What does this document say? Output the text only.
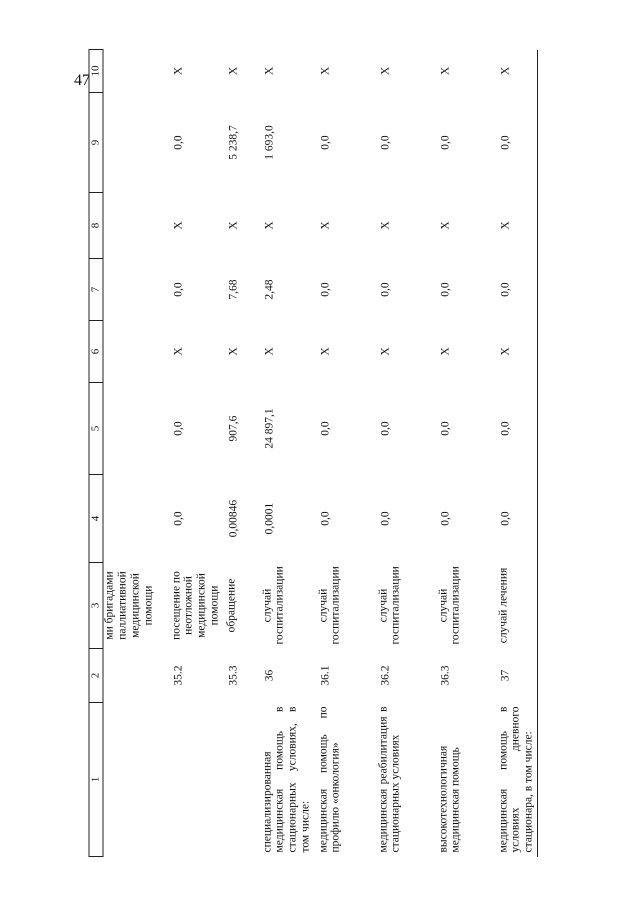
47
1	2	3	4	5	6	7	8	9	10

		ми бригадами паллиативной медицинской помощи							
	35.2	посещение по неотложной медицинской помощи	0,0	0,0	X	0,0	X	0,0	X
	35.3	обращение	0,00846	907,6	X	7,68	X	5 238,7	X
специализированная медицинская помощь в стационарных условиях, в том числе:	36	случай госпитализации	0,0001	24 897,1	X	2,48	X	1 693,0	X
медицинская помощь по профилю «онкология»	36.1	случай госпитализации	0,0	0,0	X	0,0	X	0,0	X
медицинская реабилитация в стационарных условиях	36.2	случай госпитализации	0,0	0,0	X	0,0	X	0,0	X
высокотехнологичная медицинская помощь	36.3	случай госпитализации	0,0	0,0	X	0,0	X	0,0	X
медицинская помощь в условиях дневного стационара, в том числе:	37	случай лечения	0,0	0,0	X	0,0	X	0,0	X
